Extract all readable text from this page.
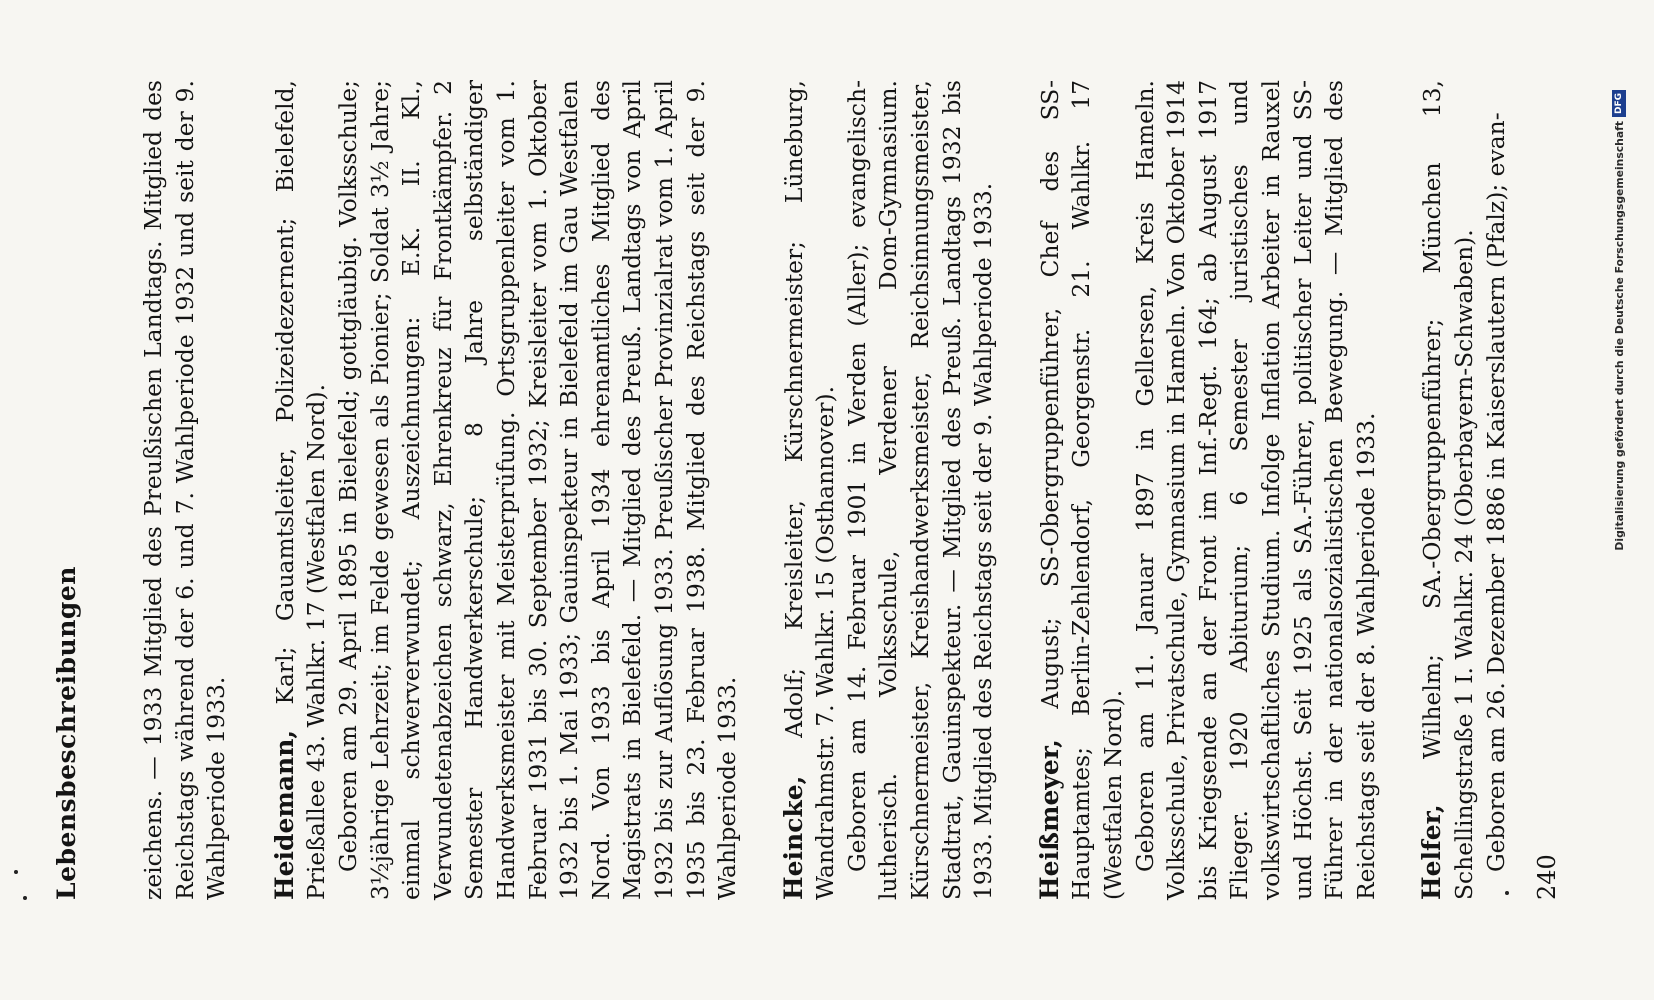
Lebensbeschreibungen zeichens. — 1933 Mitglied des Preußischen Landtags. Mitglied des Reichstags während der 6. und 7. Wahlperiode 1932 und seit der 9. Wahlperiode 1933. Heidemann, Karl; Gauamtsleiter, Polizeidezernent; Bielefeld, Prießallee 43. Wahlkr. 17 (Westfalen Nord). Geboren am 29. April 1895 in Bielefeld; gottgläubig. Volksschule; 3½jährige Lehrzeit; im Felde gewesen als Pionier; Soldat 3½ Jahre; einmal schwerverwundet; Auszeichnungen: E.K. II. Kl., Verwundetenabzeichen schwarz, Ehrenkreuz für Frontkämpfer. 2 Semester Handwerkerschule; 8 Jahre selbständiger Handwerksmeister mit Meisterprüfung. Ortsgruppenleiter vom 1. Februar 1931 bis 30. September 1932; Kreisleiter vom 1. Oktober 1932 bis 1. Mai 1933; Gauinspekteur in Bielefeld im Gau Westfalen Nord. Von 1933 bis April 1934 ehrenamtliches Mitglied des Magistrats in Bielefeld. — Mitglied des Preuß. Landtags von April 1932 bis zur Auflösung 1933. Preußischer Provinzialrat vom 1. April 1935 bis 23. Februar 1938. Mitglied des Reichstags seit der 9. Wahlperiode 1933. Heincke, Adolf; Kreisleiter, Kürschnermeister; Lüneburg, Wandrahmstr. 7. Wahlkr. 15 (Osthannover). Geboren am 14. Februar 1901 in Verden (Aller); evangelisch-lutherisch. Volksschule, Verdener Dom-Gymnasium. Kürschnermeister, Kreishandwerksmeister, Reichsinnungsmeister, Stadtrat, Gauinspekteur. — Mitglied des Preuß. Landtags 1932 bis 1933. Mitglied des Reichstags seit der 9. Wahlperiode 1933. Heißmeyer, August; SS-Obergruppenführer, Chef des SS-Hauptamtes; Berlin-Zehlendorf, Georgenstr. 21. Wahlkr. 17 (Westfalen Nord). Geboren am 11. Januar 1897 in Gellersen, Kreis Hameln. Volksschule, Privatschule, Gymnasium in Hameln. Von Oktober 1914 bis Kriegsende an der Front im Inf.-Regt. 164; ab August 1917 Flieger. 1920 Abiturium; 6 Semester juristisches und volkswirtschaftliches Studium. Infolge Inflation Arbeiter in Rauxel und Höchst. Seit 1925 als SA.-Führer, politischer Leiter und SS-Führer in der nationalsozialistischen Bewegung. — Mitglied des Reichstags seit der 8. Wahlperiode 1933. Helfer, Wilhelm; SA.-Obergruppenführer; München 13, Schellingstraße 1 I. Wahlkr. 24 (Oberbayern-Schwaben). Geboren am 26. Dezember 1886 in Kaiserslautern (Pfalz); evan-

240
Digitalisierung gefördert durch die Deutsche Forschungsgemeinschaft
DFG
